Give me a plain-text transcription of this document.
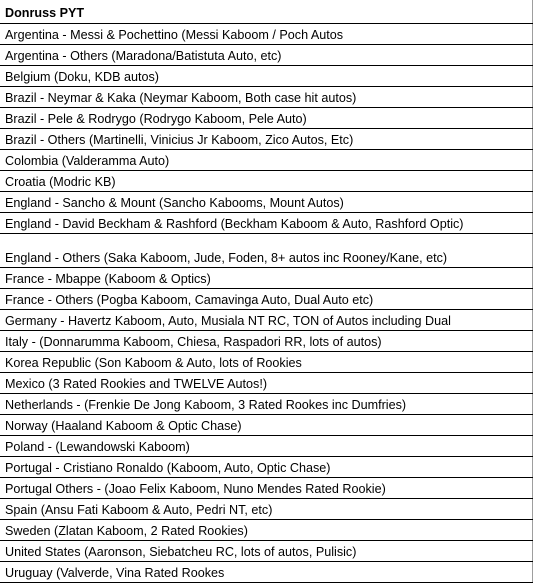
Donruss PYT
Argentina - Messi & Pochettino (Messi Kaboom / Poch Autos
Argentina - Others (Maradona/Batistuta Auto, etc)
Belgium (Doku, KDB autos)
Brazil - Neymar & Kaka (Neymar Kaboom, Both case hit autos)
Brazil - Pele & Rodrygo (Rodrygo Kaboom, Pele Auto)
Brazil - Others (Martinelli, Vinicius Jr Kaboom, Zico Autos, Etc)
Colombia (Valderamma Auto)
Croatia (Modric KB)
England - Sancho & Mount (Sancho Kabooms, Mount Autos)
England - David Beckham & Rashford (Beckham Kaboom & Auto, Rashford Optic)
England - Others (Saka Kaboom, Jude, Foden, 8+ autos inc Rooney/Kane, etc)
France - Mbappe (Kaboom & Optics)
France - Others (Pogba Kaboom, Camavinga Auto, Dual Auto etc)
Germany - Havertz Kaboom, Auto, Musiala NT RC, TON of Autos including Dual
Italy - (Donnarumma Kaboom, Chiesa, Raspadori RR, lots of autos)
Korea Republic (Son Kaboom & Auto, lots of Rookies
Mexico (3 Rated Rookies and TWELVE Autos!)
Netherlands - (Frenkie De Jong Kaboom, 3 Rated Rookes inc Dumfries)
Norway (Haaland Kaboom & Optic Chase)
Poland - (Lewandowski Kaboom)
Portugal - Cristiano Ronaldo (Kaboom, Auto, Optic Chase)
Portugal Others - (Joao Felix Kaboom, Nuno Mendes Rated Rookie)
Spain (Ansu Fati Kaboom & Auto, Pedri NT, etc)
Sweden (Zlatan Kaboom, 2 Rated Rookies)
United States (Aaronson, Siebatcheu RC, lots of autos, Pulisic)
Uruguay (Valverde, Vina Rated Rookes
